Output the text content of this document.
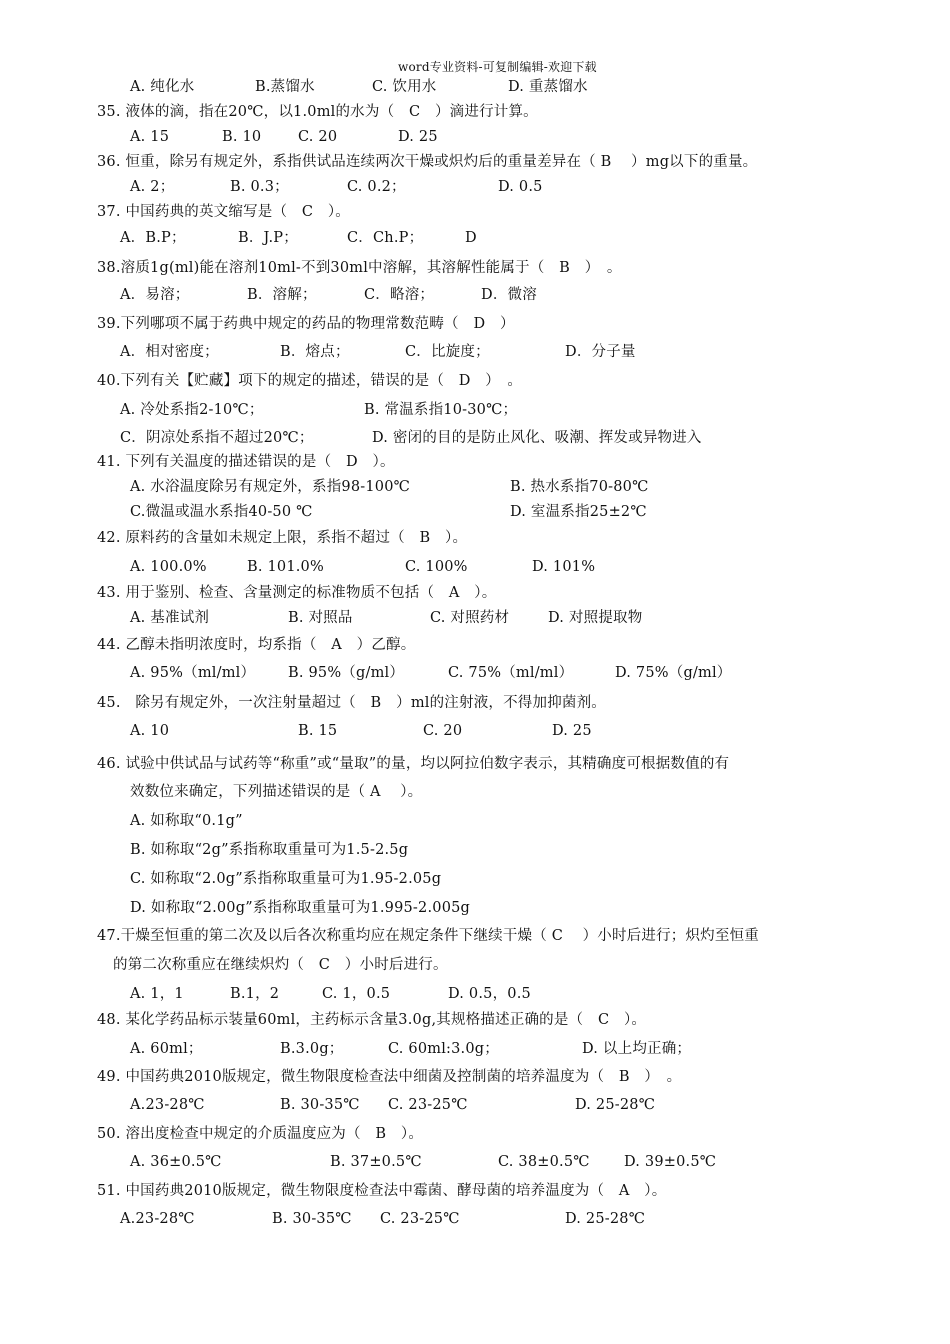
word专业资料-可复制编辑-欢迎下载
A. 纯化水	B.蒸馏水	C. 饮用水	D. 重蒸馏水
35. 液体的滴，指在20℃，以1.0ml的水为（　C　）滴进行计算。
A. 15	B. 10	C. 20	D. 25
36. 恒重，除另有规定外，系指供试品连续两次干燥或炽灼后的重量差异在（ B　 ）mg以下的重量。
A. 2；	B. 0.3；	C. 0.2；	D. 0.5
37. 中国药典的英文缩写是（　C　）。
A．B.P；	B．J.P；	C．Ch.P；	D
38.溶质1g(ml)能在溶剂10ml-不到30ml中溶解，其溶解性能属于（　B　）　。
A．易溶；	B．溶解；	C．略溶；	D．微溶
39.下列哪项不属于药典中规定的药品的物理常数范畴（　D　）
A．相对密度；	B．熔点；	C．比旋度；	D．分子量
40.下列有关【贮藏】项下的规定的描述，错误的是（　D　）　。
A. 冷处系指2-10℃；	B. 常温系指10-30℃；
C．阴凉处系指不超过20℃；	D. 密闭的目的是防止风化、吸潮、挥发或异物进入
41. 下列有关温度的描述错误的是（　D　）。
A. 水浴温度除另有规定外，系指98-100℃	B. 热水系指70-80℃
C.微温或温水系指40-50 ℃	D. 室温系指25±2℃
42. 原料药的含量如未规定上限，系指不超过（　B　）。
A. 100.0%	B. 101.0%	C. 100%	D. 101%
43. 用于鉴别、检查、含量测定的标准物质不包括（　A　）。
A. 基准试剂	B. 对照品	C. 对照药材	D. 对照提取物
44. 乙醇未指明浓度时，均系指（　A　）乙醇。
A. 95%（ml/ml） B. 95%（g/ml）	C. 75%（ml/ml）	D. 75%（g/ml）
45.　除另有规定外，一次注射量超过（　B　）ml的注射液，不得加抑菌剂。
A. 10	B. 15	C. 20	D. 25
46. 试验中供试品与试药等“称重”或“量取”的量，均以阿拉伯数字表示，其精确度可根据数值的有
效数位来确定，下列描述错误的是（ A　 ）。
A. 如称取“0.1g”
B. 如称取“2g”系指称取重量可为1.5-2.5g
C. 如称取“2.0g”系指称取重量可为1.95-2.05g
D. 如称取“2.00g”系指称取重量可为1.995-2.005g
47.干燥至恒重的第二次及以后各次称重均应在规定条件下继续干燥（ C　 ）小时后进行；炽灼至恒重
的第二次称重应在继续炽灼（　C　）小时后进行。
A. 1，1	B.1，2	C. 1，0.5	D. 0.5，0.5
48. 某化学药品标示装量60ml，主药标示含量3.0g,其规格描述正确的是（　C　）。
A. 60ml；	B.3.0g；	C. 60ml:3.0g；	D. 以上均正确；
49. 中国药典2010版规定，微生物限度检查法中细菌及控制菌的培养温度为（　B　）　。
A.23-28℃	B. 30-35℃ C. 23-25℃	D. 25-28℃
50. 溶出度检查中规定的介质温度应为（　B　）。
A. 36±0.5℃	B. 37±0.5℃	C. 38±0.5℃ D. 39±0.5℃
51. 中国药典2010版规定，微生物限度检查法中霉菌、酵母菌的培养温度为（　A　）。
A.23-28℃	B. 30-35℃ C. 23-25℃	D. 25-28℃
